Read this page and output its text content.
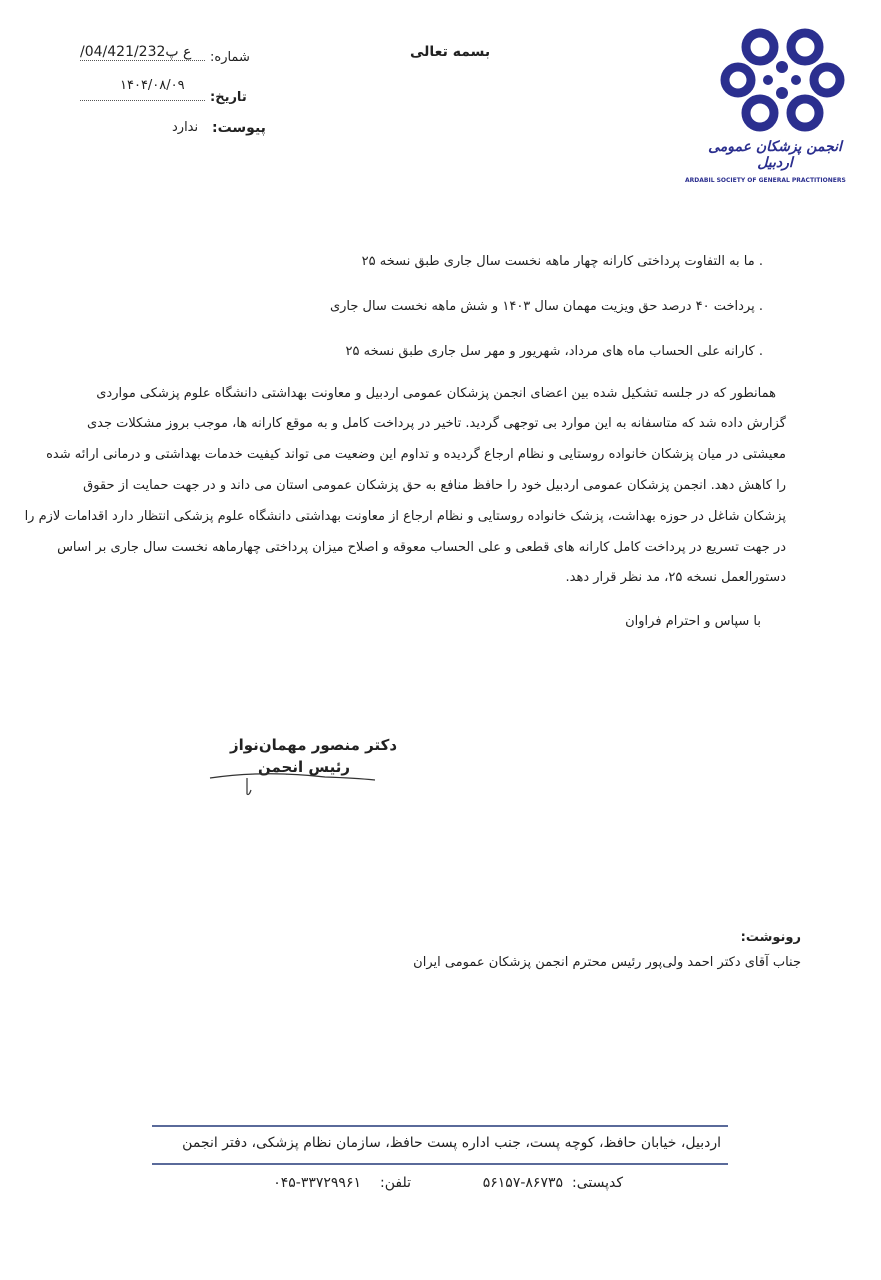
بسمه تعالی
شماره:
/04/421/232ع پ
۱۴۰۴/۰۸/۰۹
تاریخ:
پیوست:
ندارد
انجمن پزشکان عمومی اردبیل
ARDABIL SOCIETY OF GENERAL PRACTITIONERS
. ما به التفاوت پرداختی کارانه چهار ماهه نخست سال جاری طبق نسخه ۲۵
. پرداخت ۴۰ درصد حق ویزیت مهمان سال ۱۴۰۳ و شش ماهه نخست سال جاری
. کارانه علی الحساب ماه های مرداد، شهریور و مهر سل جاری طبق نسخه ۲۵
همانطور که در جلسه تشکیل شده بین اعضای انجمن پزشکان عمومی اردبیل و معاونت بهداشتی دانشگاه علوم پزشکی مواردی
گزارش داده شد که متاسفانه به این موارد بی توجهی گردید. تاخیر در پرداخت کامل و به موقع کارانه ها، موجب بروز مشکلات جدی
معیشتی در میان پزشکان خانواده روستایی و نظام ارجاع گردیده و تداوم این وضعیت می تواند کیفیت خدمات بهداشتی و درمانی ارائه شده
را کاهش دهد. انجمن پزشکان عمومی اردبیل خود را حافظ منافع به حق پزشکان عمومی استان می داند و در جهت حمایت از حقوق
پزشکان شاغل در حوزه بهداشت، پزشک خانواده روستایی و نظام ارجاع از معاونت بهداشتی دانشگاه علوم پزشکی انتظار دارد اقدامات لازم را
در جهت تسریع در پرداخت کامل کارانه های قطعی و علی الحساب معوقه و اصلاح میزان پرداختی چهارماهه نخست سال جاری بر اساس
دستورالعمل نسخه ۲۵، مد نظر قرار دهد.
با سپاس و احترام فراوان
دکتر منصور مهمان‌نواز
رئیس انجمن
رونوشت:
جناب آقای دکتر احمد ولی‌پور رئیس محترم انجمن پزشکان عمومی ایران
اردبیل، خیابان حافظ، کوچه پست، جنب اداره پست حافظ، سازمان نظام پزشکی، دفتر انجمن
کدپستی:
۵۶۱۵۷-۸۶۷۳۵
تلفن:
۰۴۵-۳۳۷۲۹۹۶۱
